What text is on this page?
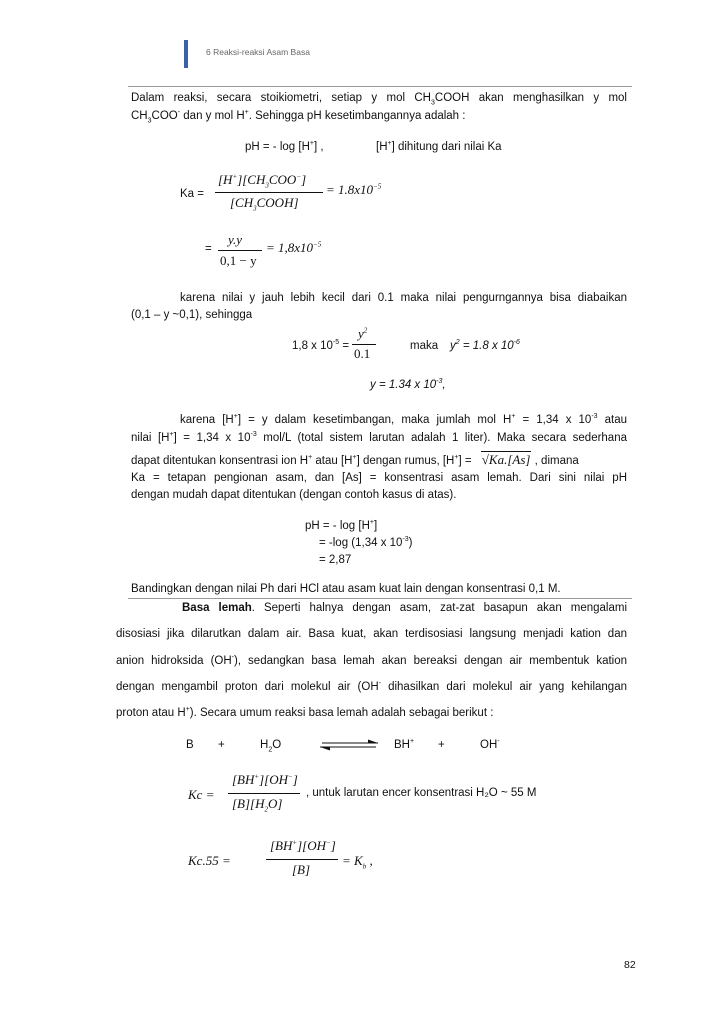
6 Reaksi-reaksi Asam Basa
Dalam reaksi, secara stoikiometri, setiap y mol $CH_3COOH$ akan menghasilkan y mol
$CH_3COO^-$ dan y mol H+. Sehingga pH kesetimbangannya adalah :
pH = - log [H+] ,	[H+] dihitung dari nilai Ka
Ka =
$[H^+][CH_3COO^-]$
$[CH_3COOH]$
= $1.8x10^{-5}$
=
y.y
0,1 − y
= $1,8x10^{-5}$
karena nilai y jauh lebih kecil dari 0.1 maka nilai pengurngannya bisa diabaikan
(0,1 – y ~0,1), sehingga
1,8 x $10^{-5}$ =
$y^2$
0.1	maka $y^2 = 1.8$ x $10^{-6}$
y = 1.34 x $10^{-3}$,
karena [H+] = y dalam kesetimbangan, maka jumlah mol H+ = 1,34 x $10^{-3}$ atau
nilai [H+] = 1,34 x $10^{-3}$ mol/L (total sistem larutan adalah 1 liter). Maka secara sederhana
dapat ditentukan konsentrasi ion H+ atau [H+] dengan rumus, [H+] = √Ka.[As] , dimana
Ka = tetapan pengionan asam, dan [As] = konsentrasi asam lemah. Dari sini nilai pH
dengan mudah dapat ditentukan (dengan contoh kasus di atas).
pH = - log [H+]
= -log (1,34 x $10^{-3}$)
= 2,87
Bandingkan dengan nilai Ph dari HCl atau asam kuat lain dengan konsentrasi 0,1 M.
Basa lemah. Seperti halnya dengan asam, zat-zat basapun akan mengalami
disosiasi jika dilarutkan dalam air. Basa kuat, akan terdisosiasi langsung menjadi kation dan
anion hidroksida (OH-), sedangkan basa lemah akan bereaksi dengan air membentuk kation
dengan mengambil proton dari molekul air (OH- dihasilkan dari molekul air yang kehilangan
proton atau H+). Secara umum reaksi basa lemah adalah sebagai berikut :
B +	$H_2O$	BH+ +	OH-
Kc =
[BH+][OH−]
$[B][H_2O]$
, untuk larutan encer konsentrasi H₂O ~ 55 M
Kc.55 =
[BH+][OH−]
[B]
= $K_b$ ,
82
